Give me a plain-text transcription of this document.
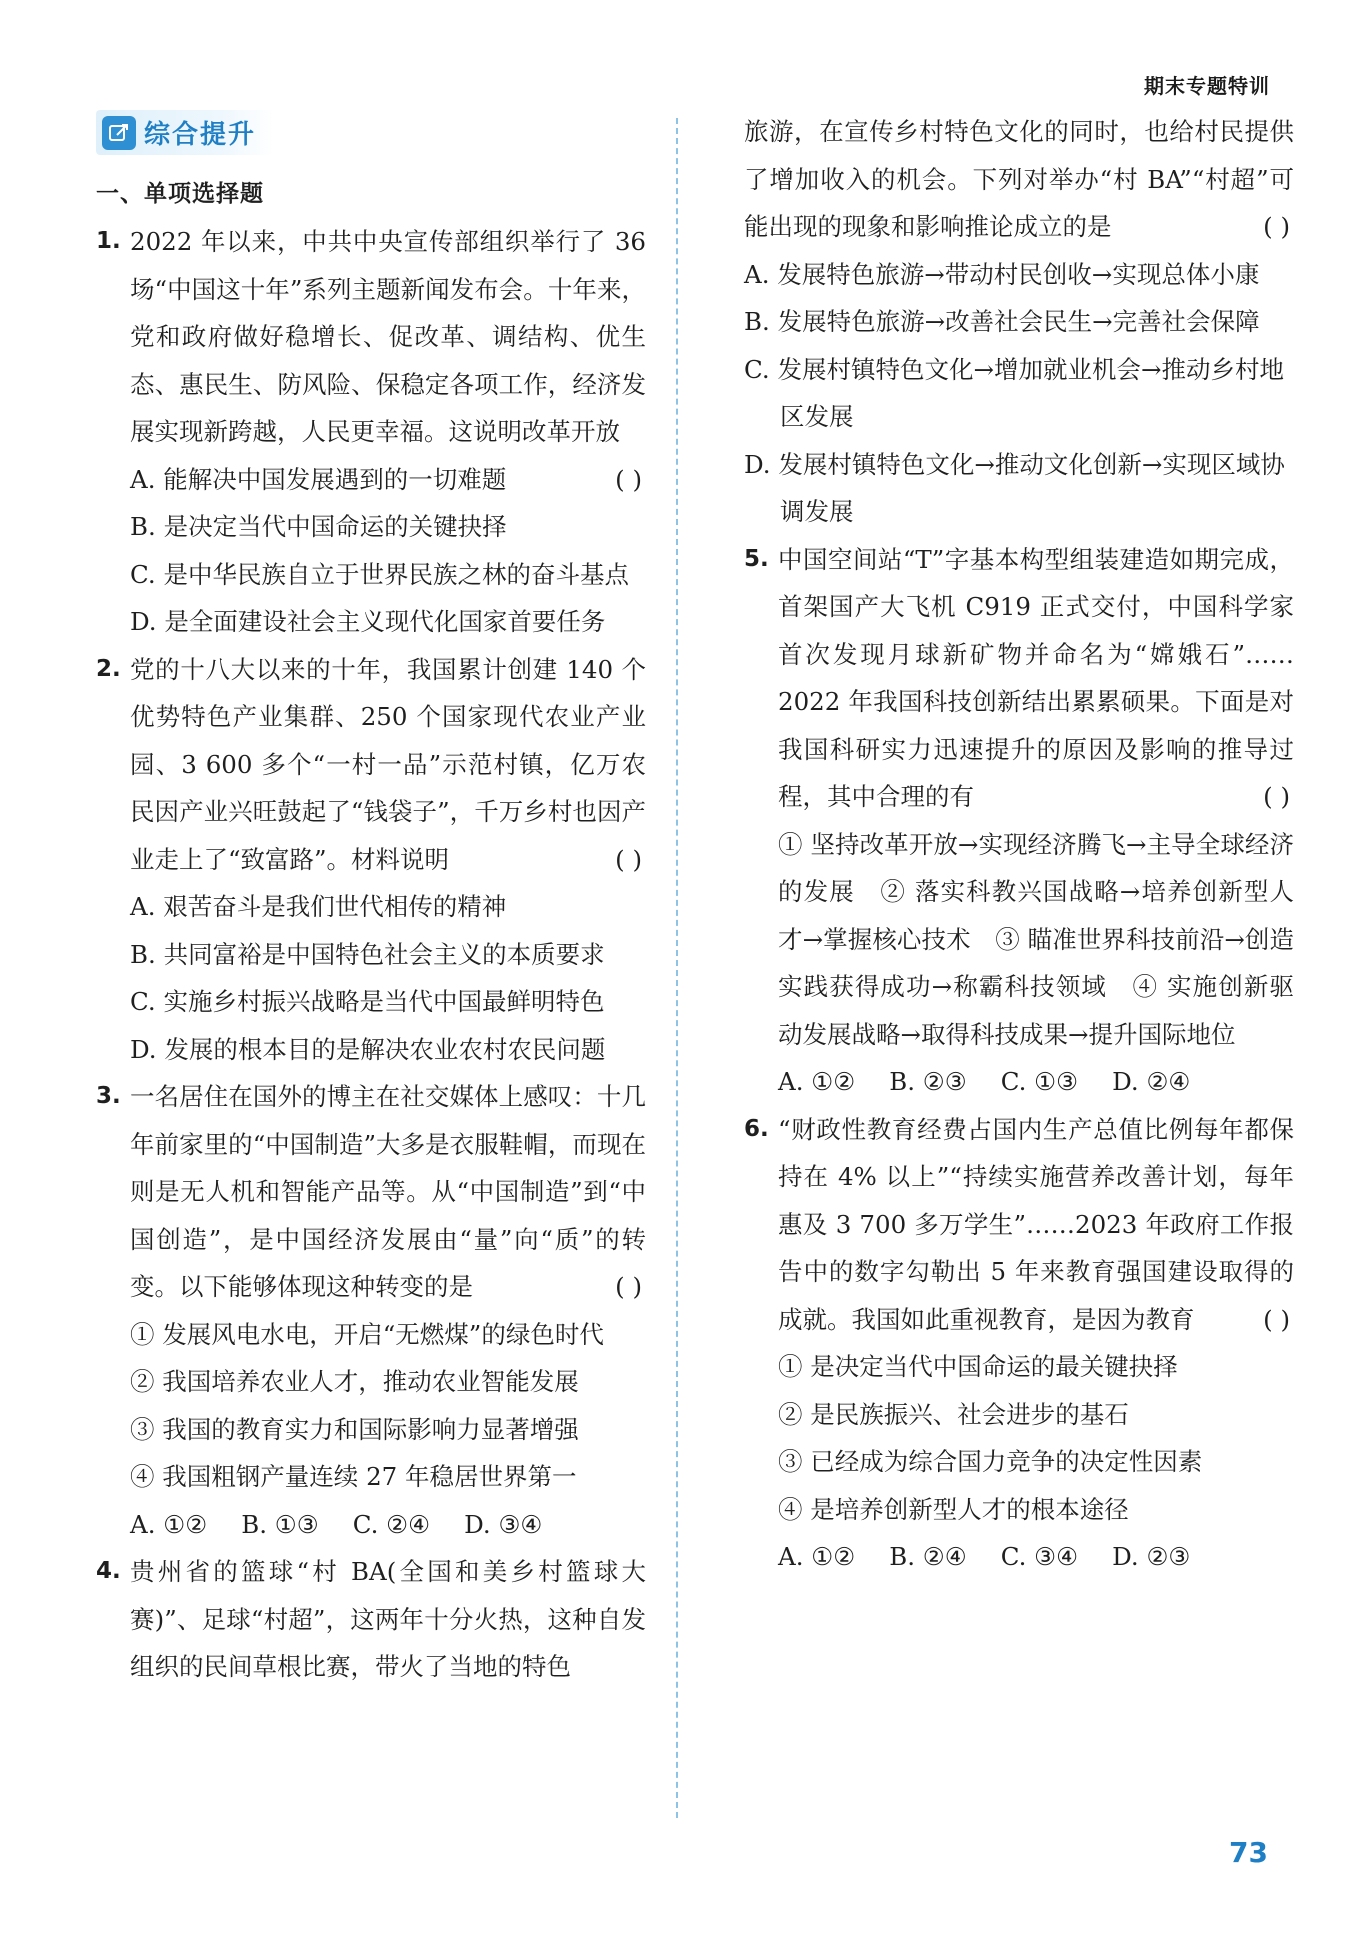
期末专题特训
综合提升
一、单项选择题
1. 2022 年以来，中共中央宣传部组织举行了 36 场“中国这十年”系列主题新闻发布会。十年来，党和政府做好稳增长、促改革、调结构、优生态、惠民生、防风险、保稳定各项工作，经济发展实现新跨越，人民更幸福。这说明改革开放
( )
A. 能解决中国发展遇到的一切难题
B. 是决定当代中国命运的关键抉择
C. 是中华民族自立于世界民族之林的奋斗基点
D. 是全面建设社会主义现代化国家首要任务
2. 党的十八大以来的十年，我国累计创建 140 个优势特色产业集群、250 个国家现代农业产业园、3 600 多个“一村一品”示范村镇，亿万农民因产业兴旺鼓起了“钱袋子”，千万乡村也因产业走上了“致富路”。材料说明	( )
A. 艰苦奋斗是我们世代相传的精神
B. 共同富裕是中国特色社会主义的本质要求
C. 实施乡村振兴战略是当代中国最鲜明特色
D. 发展的根本目的是解决农业农村农民问题
3. 一名居住在国外的博主在社交媒体上感叹：十几年前家里的“中国制造”大多是衣服鞋帽，而现在则是无人机和智能产品等。从“中国制造”到“中国创造”，是中国经济发展由“量”向“质”的转变。以下能够体现这种转变的是	( )
① 发展风电水电，开启“无燃煤”的绿色时代
② 我国培养农业人才，推动农业智能发展
③ 我国的教育实力和国际影响力显著增强
④ 我国粗钢产量连续 27 年稳居世界第一
A. ①② B. ①③ C. ②④ D. ③④
4. 贵州省的篮球“村 BA(全国和美乡村篮球大赛)”、足球“村超”，这两年十分火热，这种自发组织的民间草根比赛，带火了当地的特色
旅游，在宣传乡村特色文化的同时，也给村民提供了增加收入的机会。下列对举办“村 BA”“村超”可能出现的现象和影响推论成立的是	( )
A. 发展特色旅游→带动村民创收→实现总体小康
B. 发展特色旅游→改善社会民生→完善社会保障
C. 发展村镇特色文化→增加就业机会→推动乡村地区发展
D. 发展村镇特色文化→推动文化创新→实现区域协调发展
5. 中国空间站“T”字基本构型组装建造如期完成，首架国产大飞机 C919 正式交付，中国科学家首次发现月球新矿物并命名为“嫦娥石”……2022 年我国科技创新结出累累硕果。下面是对我国科研实力迅速提升的原因及影响的推导过程，其中合理的有	( )
① 坚持改革开放→实现经济腾飞→主导全球经济的发展　② 落实科教兴国战略→培养创新型人才→掌握核心技术　③ 瞄准世界科技前沿→创造实践获得成功→称霸科技领域　④ 实施创新驱动发展战略→取得科技成果→提升国际地位
A. ①② B. ②③ C. ①③ D. ②④
6. “财政性教育经费占国内生产总值比例每年都保持在 4% 以上”“持续实施营养改善计划，每年惠及 3 700 多万学生”……2023 年政府工作报告中的数字勾勒出 5 年来教育强国建设取得的成就。我国如此重视教育，是因为教育	( )
① 是决定当代中国命运的最关键抉择
② 是民族振兴、社会进步的基石
③ 已经成为综合国力竞争的决定性因素
④ 是培养创新型人才的根本途径
A. ①② B. ②④ C. ③④ D. ②③
73
